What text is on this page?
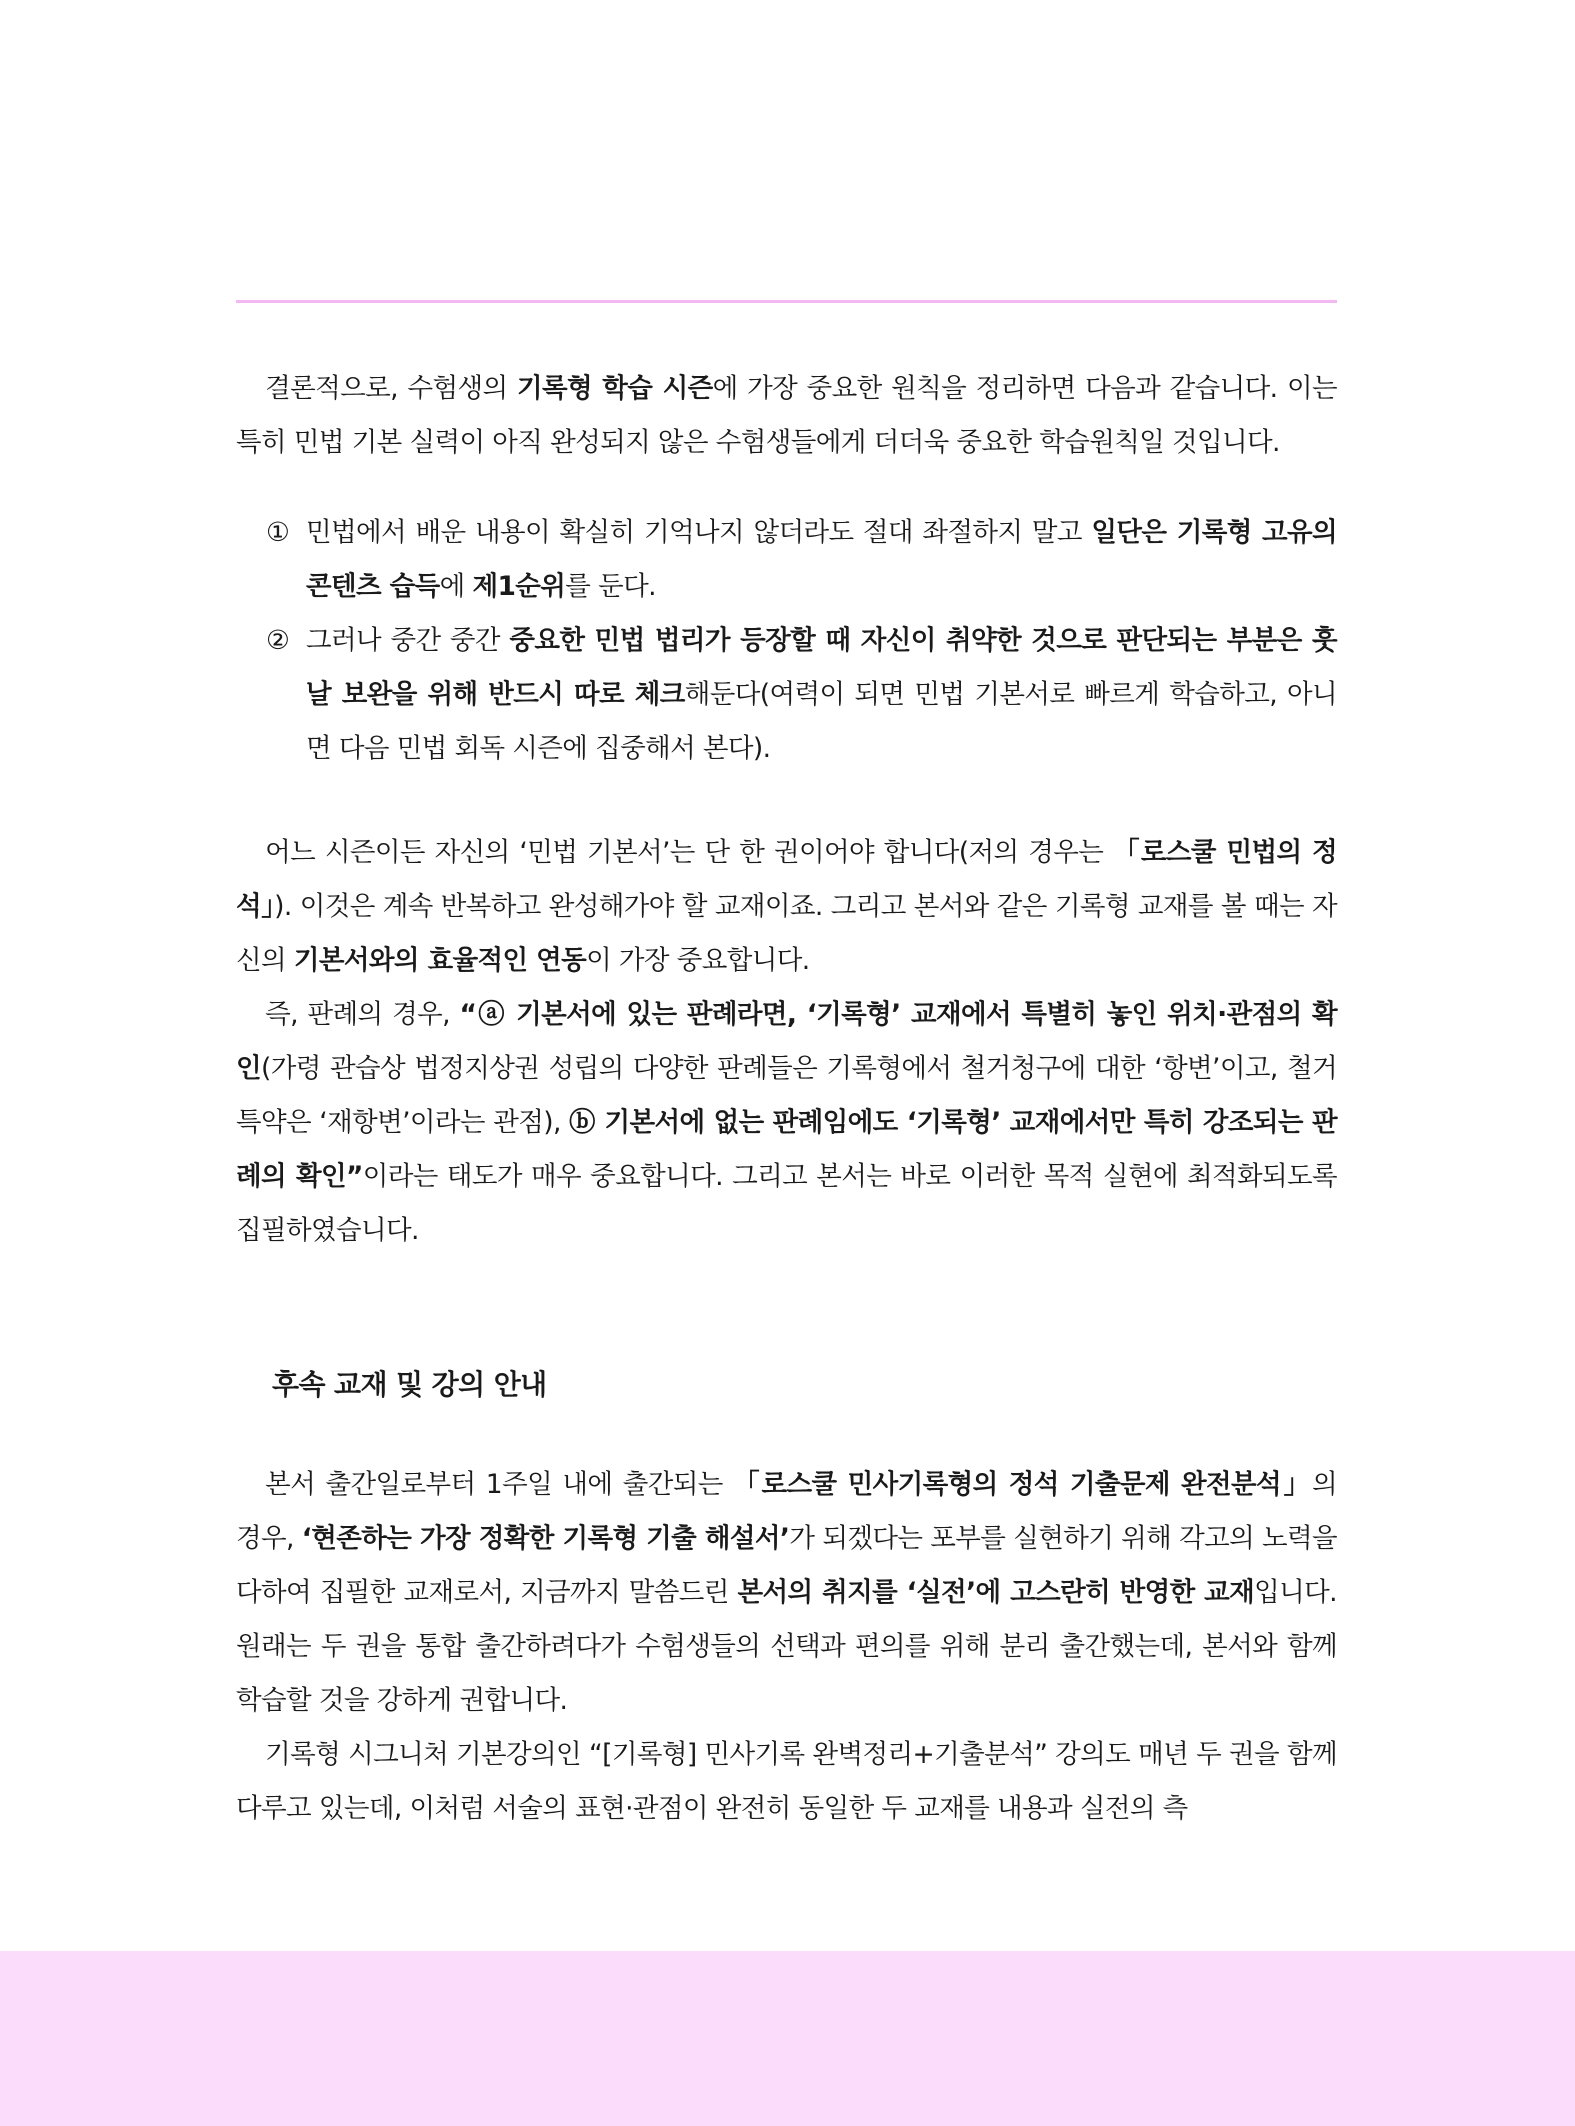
결론적으로, 수험생의 기록형 학습 시즌에 가장 중요한 원칙을 정리하면 다음과 같습니다. 이는 특히 민법 기본 실력이 아직 완성되지 않은 수험생들에게 더더욱 중요한 학습원칙일 것입니다.

① 민법에서 배운 내용이 확실히 기억나지 않더라도 절대 좌절하지 말고 일단은 기록형 고유의 콘텐츠 습득에 제1순위를 둔다.
② 그러나 중간 중간 중요한 민법 법리가 등장할 때 자신이 취약한 것으로 판단되는 부분은 훗날 보완을 위해 반드시 따로 체크해둔다(여력이 되면 민법 기본서로 빠르게 학습하고, 아니면 다음 민법 회독 시즌에 집중해서 본다).

어느 시즌이든 자신의 ‘민법 기본서’는 단 한 권이어야 합니다(저의 경우는 「로스쿨 민법의 정석」). 이것은 계속 반복하고 완성해가야 할 교재이죠. 그리고 본서와 같은 기록형 교재를 볼 때는 자신의 기본서와의 효율적인 연동이 가장 중요합니다.

즉, 판례의 경우, “ⓐ 기본서에 있는 판례라면, ‘기록형’ 교재에서 특별히 놓인 위치·관점의 확인(가령 관습상 법정지상권 성립의 다양한 판례들은 기록형에서 철거청구에 대한 ‘항변’이고, 철거특약은 ‘재항변’이라는 관점), ⓑ 기본서에 없는 판례임에도 ‘기록형’ 교재에서만 특히 강조되는 판례의 확인”이라는 태도가 매우 중요합니다. 그리고 본서는 바로 이러한 목적 실현에 최적화되도록 집필하였습니다.

후속 교재 및 강의 안내

본서 출간일로부터 1주일 내에 출간되는 「로스쿨 민사기록형의 정석 기출문제 완전분석」의 경우, ‘현존하는 가장 정확한 기록형 기출 해설서’가 되겠다는 포부를 실현하기 위해 각고의 노력을 다하여 집필한 교재로서, 지금까지 말씀드린 본서의 취지를 ‘실전’에 고스란히 반영한 교재입니다. 원래는 두 권을 통합 출간하려다가 수험생들의 선택과 편의를 위해 분리 출간했는데, 본서와 함께 학습할 것을 강하게 권합니다.

기록형 시그니처 기본강의인 “[기록형] 민사기록 완벽정리+기출분석” 강의도 매년 두 권을 함께 다루고 있는데, 이처럼 서술의 표현·관점이 완전히 동일한 두 교재를 내용과 실전의 측
